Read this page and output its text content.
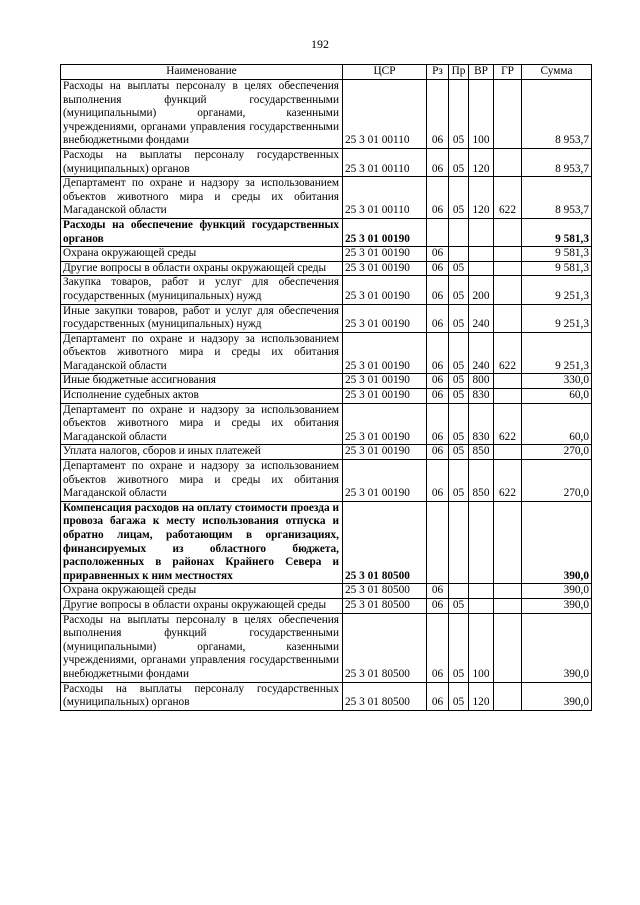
192
Наименование	ЦСР	Рз	Пр	ВР	ГР	Сумма
Расходы на выплаты персоналу в целях обеспечения выполнения функций государственными (муниципальными) органами, казенными учреждениями, органами управления государственными внебюджетными фондами	25 3 01 00110	06	05	100		8 953,7
Расходы на выплаты персоналу государственных (муниципальных) органов	25 3 01 00110	06	05	120		8 953,7
Департамент по охране и надзору за использованием объектов животного мира и среды их обитания Магаданской области	25 3 01 00110	06	05	120	622	8 953,7
Расходы на обеспечение функций государственных органов	25 3 01 00190					9 581,3
Охрана окружающей среды	25 3 01 00190	06				9 581,3
Другие вопросы в области охраны окружающей среды	25 3 01 00190	06	05			9 581,3
Закупка товаров, работ и услуг для обеспечения государственных (муниципальных) нужд	25 3 01 00190	06	05	200		9 251,3
Иные закупки товаров, работ и услуг для обеспечения государственных (муниципальных) нужд	25 3 01 00190	06	05	240		9 251,3
Департамент по охране и надзору за использованием объектов животного мира и среды их обитания Магаданской области	25 3 01 00190	06	05	240	622	9 251,3
Иные бюджетные ассигнования	25 3 01 00190	06	05	800		330,0
Исполнение судебных актов	25 3 01 00190	06	05	830		60,0
Департамент по охране и надзору за использованием объектов животного мира и среды их обитания Магаданской области	25 3 01 00190	06	05	830	622	60,0
Уплата налогов, сборов и иных платежей	25 3 01 00190	06	05	850		270,0
Департамент по охране и надзору за использованием объектов животного мира и среды их обитания Магаданской области	25 3 01 00190	06	05	850	622	270,0
Компенсация расходов на оплату стоимости проезда и провоза багажа к месту использования отпуска и обратно лицам, работающим в организациях, финансируемых из областного бюджета, расположенных в районах Крайнего Севера и приравненных к ним местностях	25 3 01 80500					390,0
Охрана окружающей среды	25 3 01 80500	06				390,0
Другие вопросы в области охраны окружающей среды	25 3 01 80500	06	05			390,0
Расходы на выплаты персоналу в целях обеспечения выполнения функций государственными (муниципальными) органами, казенными учреждениями, органами управления государственными внебюджетными фондами	25 3 01 80500	06	05	100		390,0
Расходы на выплаты персоналу государственных (муниципальных) органов	25 3 01 80500	06	05	120		390,0
